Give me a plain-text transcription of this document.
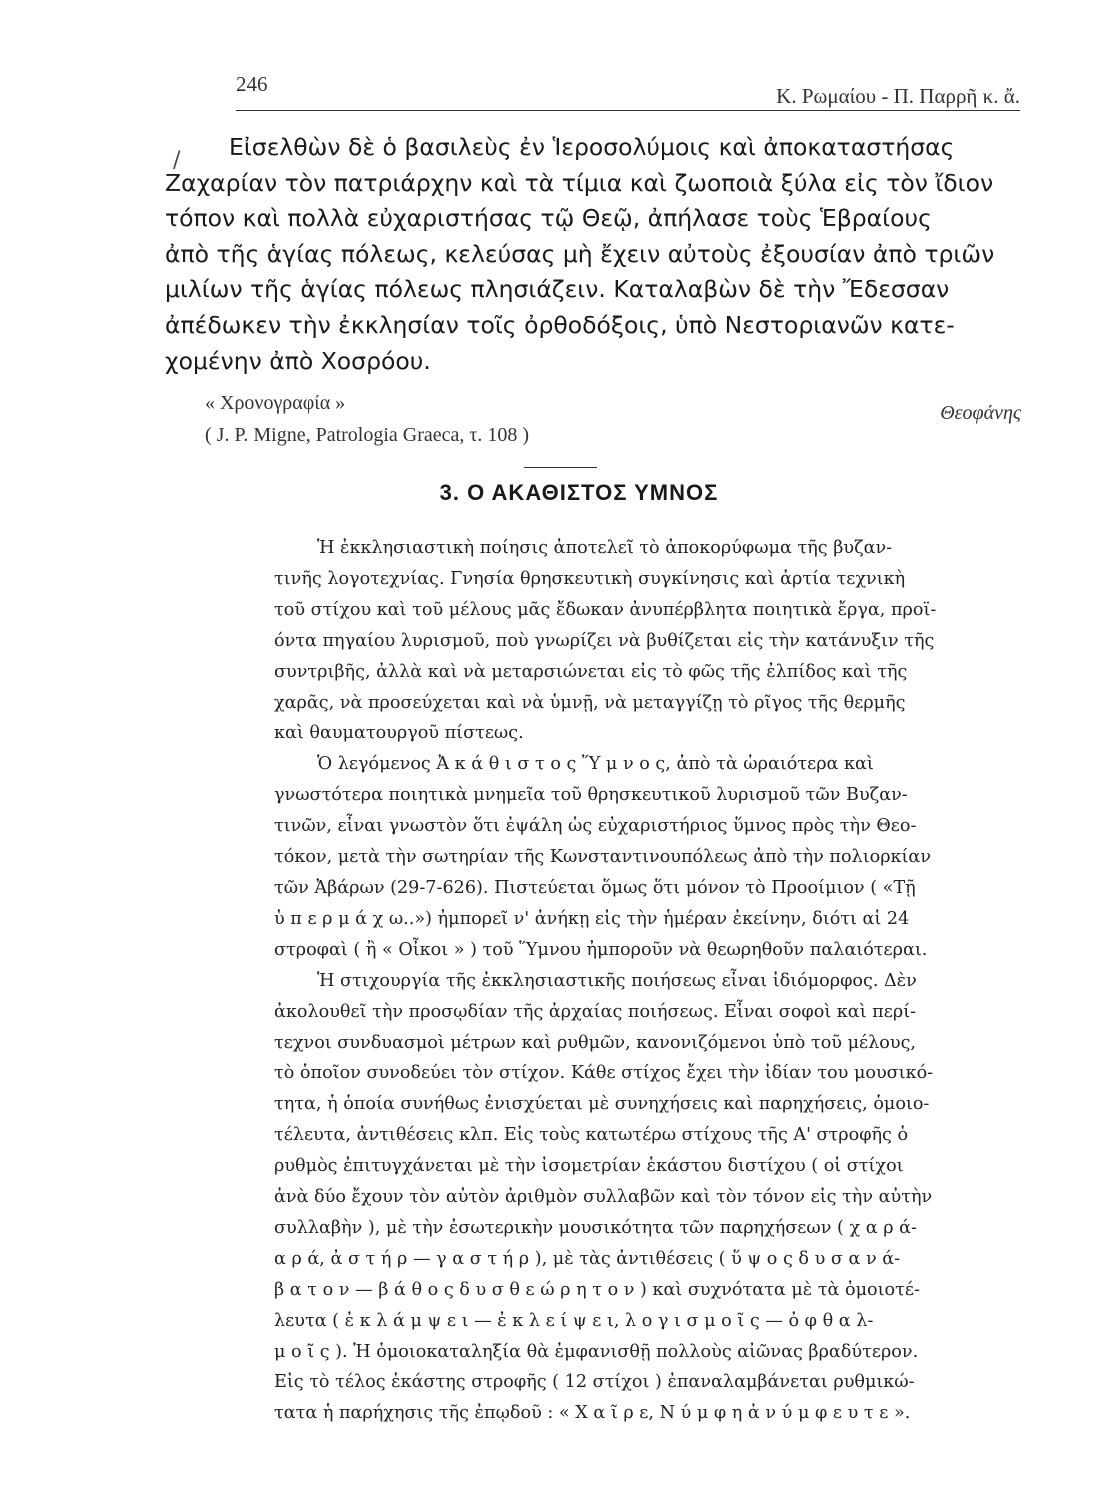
246	Κ. Ρωμαίου - Π. Παρρῆ κ. ἄ.
/	Εἰσελθὼν δὲ ὁ βασιλεὺς ἐν Ἱεροσολύμοις καὶ ἀποκαταστήσας
Ζαχαρίαν τὸν πατριάρχην καὶ τὰ τίμια καὶ ζωοποιὰ ξύλα εἰς τὸν ἴδιον
τόπον καὶ πολλὰ εὐχαριστήσας τῷ Θεῷ, ἀπήλασε τοὺς Ἑβραίους
ἀπὸ τῆς ἁγίας πόλεως, κελεύσας μὴ ἔχειν αὐτοὺς ἐξουσίαν ἀπὸ τριῶν
μιλίων τῆς ἁγίας πόλεως πλησιάζειν. Καταλαβὼν δὲ τὴν Ἔδεσσαν
ἀπέδωκεν τὴν ἐκκλησίαν τοῖς ὀρθοδόξοις, ὑπὸ Νεστοριανῶν κατε-
χομένην ἀπὸ Χοσρόου.
« Χρονογραφία »	Θεοφάνης
( J. P. Migne, Patrologia Graeca, τ. 108 )
3. Ο ΑΚΑΘΙΣΤΟΣ ΥΜΝΟΣ
Ἡ ἐκκλησιαστικὴ ποίησις ἀποτελεῖ τὸ ἀποκορύφωμα τῆς βυζαν-
τινῆς λογοτεχνίας. Γνησία θρησκευτικὴ συγκίνησις καὶ ἀρτία τεχνικὴ
τοῦ στίχου καὶ τοῦ μέλους μᾶς ἔδωκαν ἀνυπέρβλητα ποιητικὰ ἔργα, προϊ-
όντα πηγαίου λυρισμοῦ, ποὺ γνωρίζει νὰ βυθίζεται εἰς τὴν κατάνυξιν τῆς
συντριβῆς, ἀλλὰ καὶ νὰ μεταρσιώνεται εἰς τὸ φῶς τῆς ἐλπίδος καὶ τῆς
χαρᾶς, νὰ προσεύχεται καὶ νὰ ὑμνῇ, νὰ μεταγγίζῃ τὸ ρῖγος τῆς θερμῆς
καὶ θαυματουργοῦ πίστεως.
Ὁ λεγόμενος Ἀ κ ά θ ι σ τ ο ς Ὕ μ ν ο ς, ἀπὸ τὰ ὡραιότερα καὶ
γνωστότερα ποιητικὰ μνημεῖα τοῦ θρησκευτικοῦ λυρισμοῦ τῶν Βυζαν-
τινῶν, εἶναι γνωστὸν ὅτι ἐψάλη ὡς εὐχαριστήριος ὕμνος πρὸς τὴν Θεο-
τόκον, μετὰ τὴν σωτηρίαν τῆς Κωνσταντινουπόλεως ἀπὸ τὴν πολιορκίαν
τῶν Ἀβάρων (29-7-626). Πιστεύεται ὅμως ὅτι μόνον τὸ Προοίμιον ( «Τῇ
ὑ π ε ρ μ ά χ ω..») ἠμπορεῖ ν' ἀνήκῃ εἰς τὴν ἡμέραν ἐκείνην, διότι αἱ 24
στροφαὶ ( ἢ « Οἶκοι » ) τοῦ Ὕμνου ἠμποροῦν νὰ θεωρηθοῦν παλαιότεραι.
Ἡ στιχουργία τῆς ἐκκλησιαστικῆς ποιήσεως εἶναι ἰδιόμορφος. Δὲν
ἀκολουθεῖ τὴν προσῳδίαν τῆς ἀρχαίας ποιήσεως. Εἶναι σοφοὶ καὶ περί-
τεχνοι συνδυασμοὶ μέτρων καὶ ρυθμῶν, κανονιζόμενοι ὑπὸ τοῦ μέλους,
τὸ ὁποῖον συνοδεύει τὸν στίχον. Κάθε στίχος ἔχει τὴν ἰδίαν του μουσικό-
τητα, ἡ ὁποία συνήθως ἐνισχύεται μὲ συνηχήσεις καὶ παρηχήσεις, ὁμοιο-
τέλευτα, ἀντιθέσεις κλπ. Εἰς τοὺς κατωτέρω στίχους τῆς Α' στροφῆς ὁ
ρυθμὸς ἐπιτυγχάνεται μὲ τὴν ἰσομετρίαν ἑκάστου διστίχου ( οἱ στίχοι
ἀνὰ δύο ἔχουν τὸν αὐτὸν ἀριθμὸν συλλαβῶν καὶ τὸν τόνον εἰς τὴν αὐτὴν
συλλαβὴν ), μὲ τὴν ἐσωτερικὴν μουσικότητα τῶν παρηχήσεων ( χ α ρ ά-
α ρ ά, ἀ σ τ ή ρ — γ α σ τ ή ρ ), μὲ τὰς ἀντιθέσεις ( ὕ ψ ο ς δ υ σ α ν ά-
β α τ ο ν — β ά θ ο ς δ υ σ θ ε ώ ρ η τ ο ν ) καὶ συχνότατα μὲ τὰ ὁμοιοτέ-
λευτα ( ἐ κ λ ά μ ψ ε ι — ἐ κ λ ε ί ψ ε ι, λ ο γ ι σ μ ο ῖ ς — ὀ φ θ α λ-
μ ο ῖ ς ). Ἡ ὁμοιοκαταληξία θὰ ἐμφανισθῇ πολλοὺς αἰῶνας βραδύτερον.
Εἰς τὸ τέλος ἑκάστης στροφῆς ( 12 στίχοι ) ἐπαναλαμβάνεται ρυθμικώ-
τατα ἡ παρήχησις τῆς ἐπῳδοῦ : « Χ α ῖ ρ ε, Ν ύ μ φ η ἀ ν ύ μ φ ε υ τ ε ».
